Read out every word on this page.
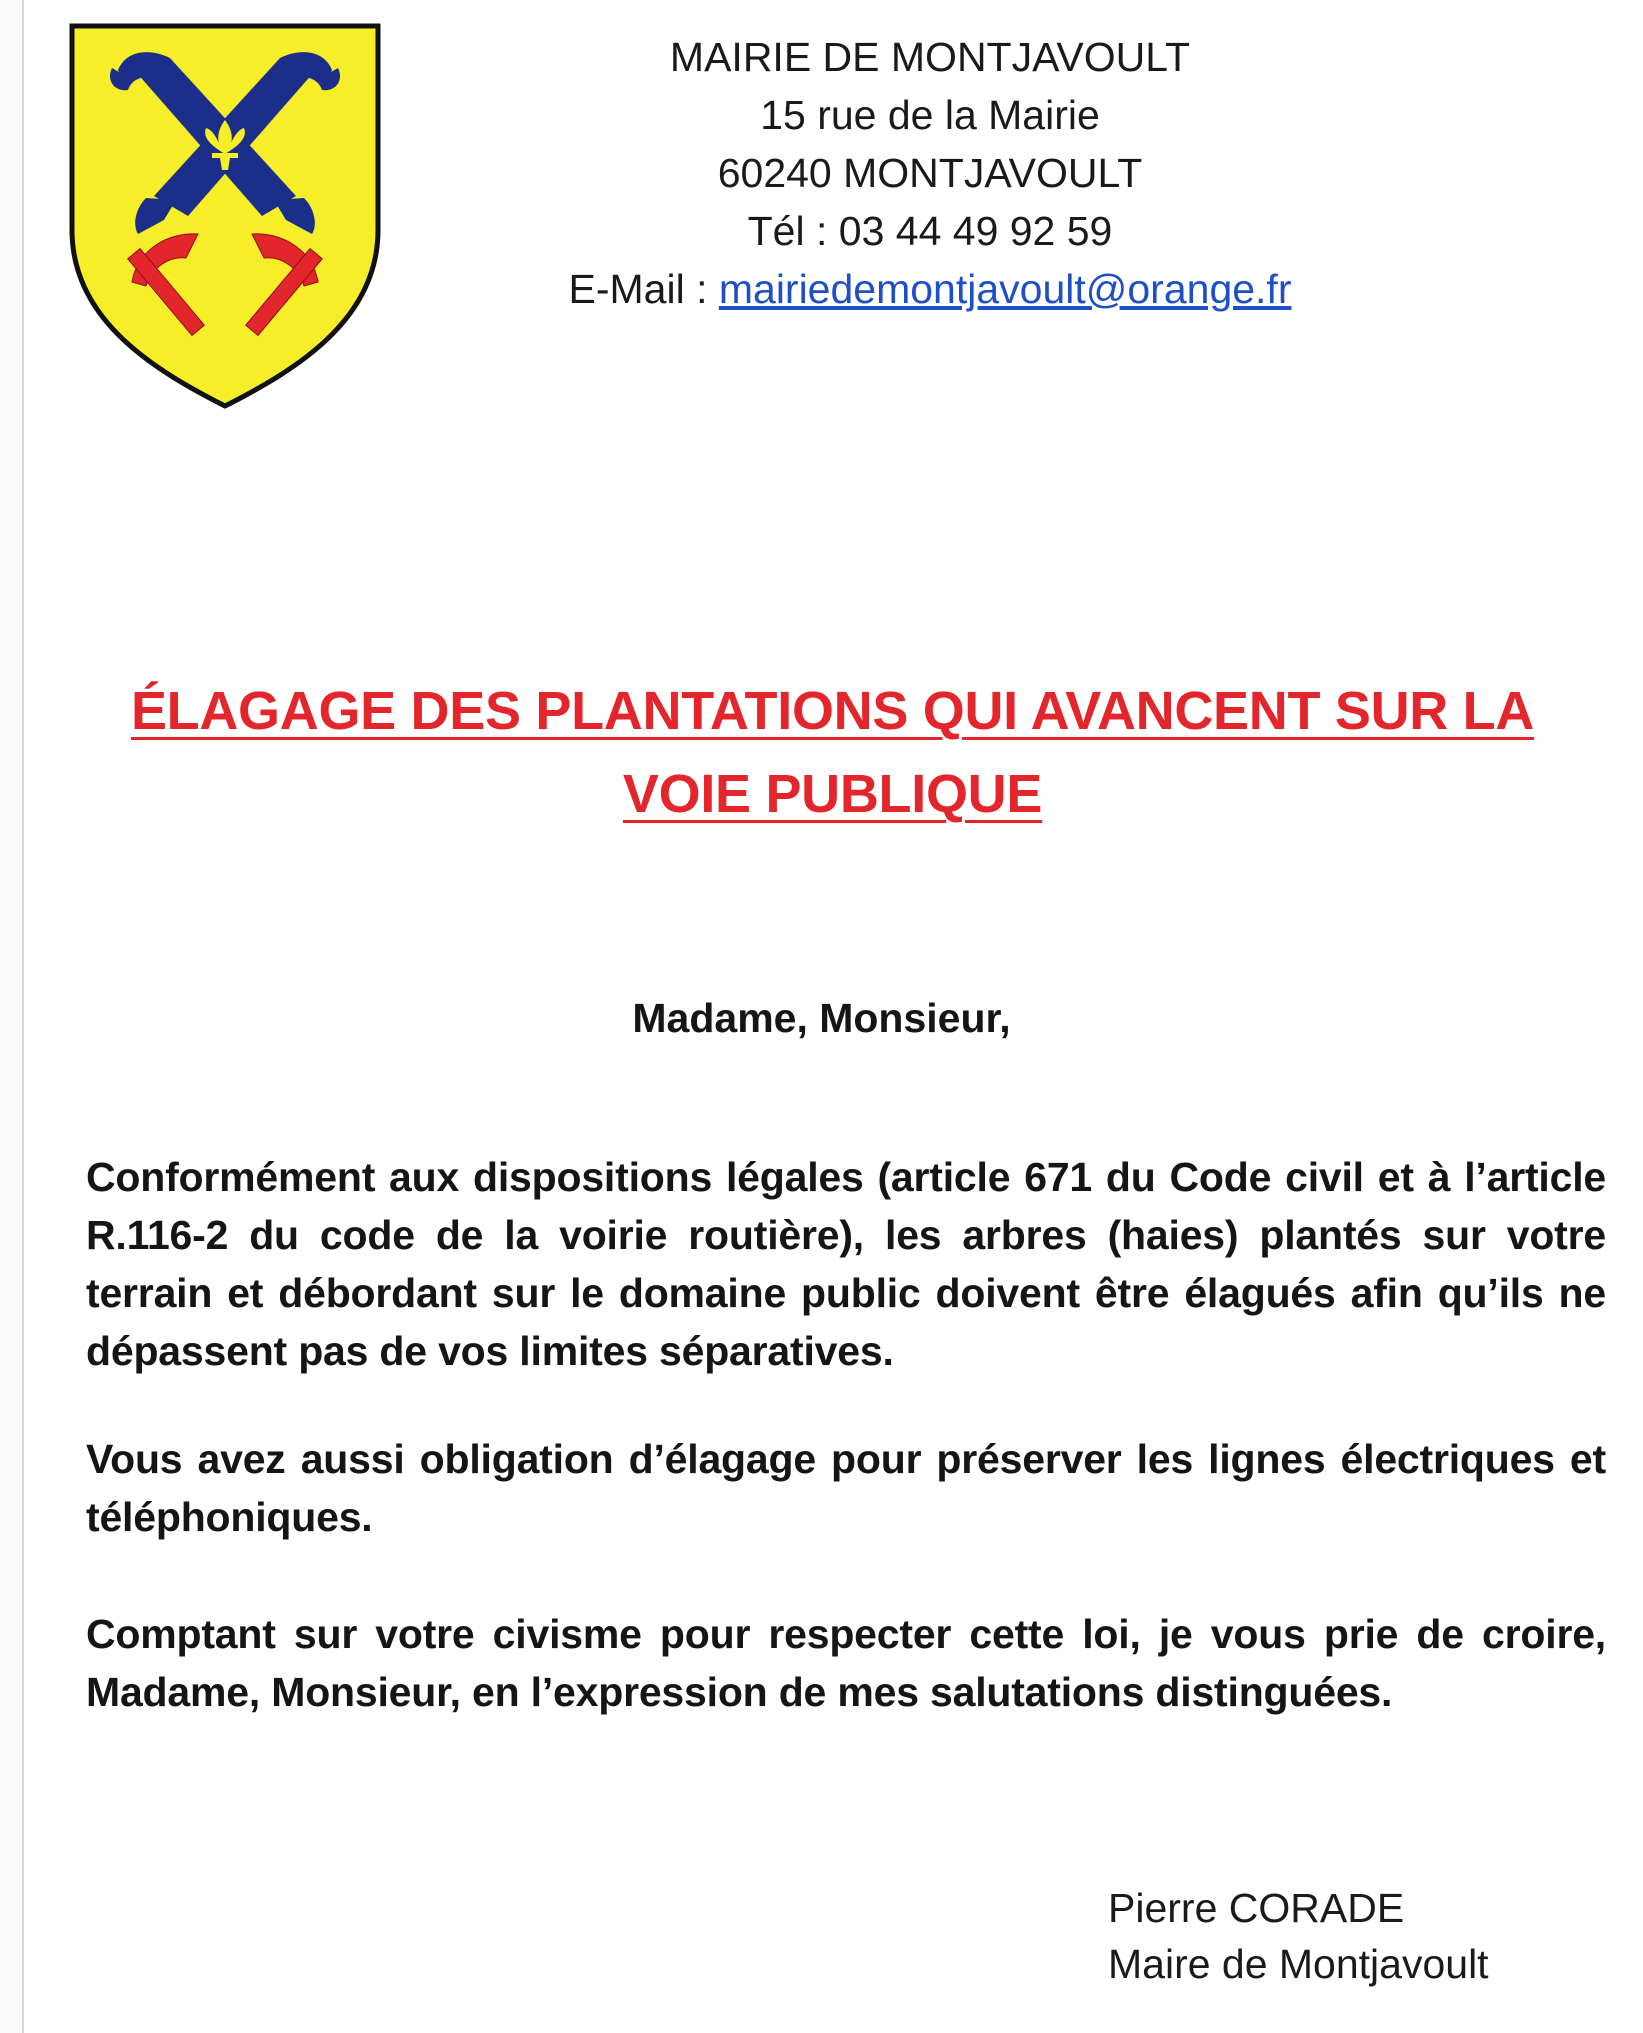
MAIRIE DE MONTJAVOULT
15 rue de la Mairie
60240 MONTJAVOULT
Tél : 03 44 49 92 59
E-Mail : mairiedemontjavoult@orange.fr
ÉLAGAGE DES PLANTATIONS QUI AVANCENT SUR LA
VOIE PUBLIQUE
Madame, Monsieur,
Conformément aux dispositions légales (article 671 du Code civil et à l’article R.116-2 du code de la voirie routière), les arbres (haies) plantés sur votre terrain et débordant sur le domaine public doivent être élagués afin qu’ils ne dépassent pas de vos limites séparatives.
Vous avez aussi obligation d’élagage pour préserver les lignes électriques et téléphoniques.
Comptant sur votre civisme pour respecter cette loi, je vous prie de croire, Madame, Monsieur, en l’expression de mes salutations distinguées.
Pierre CORADE
Maire de Montjavoult
